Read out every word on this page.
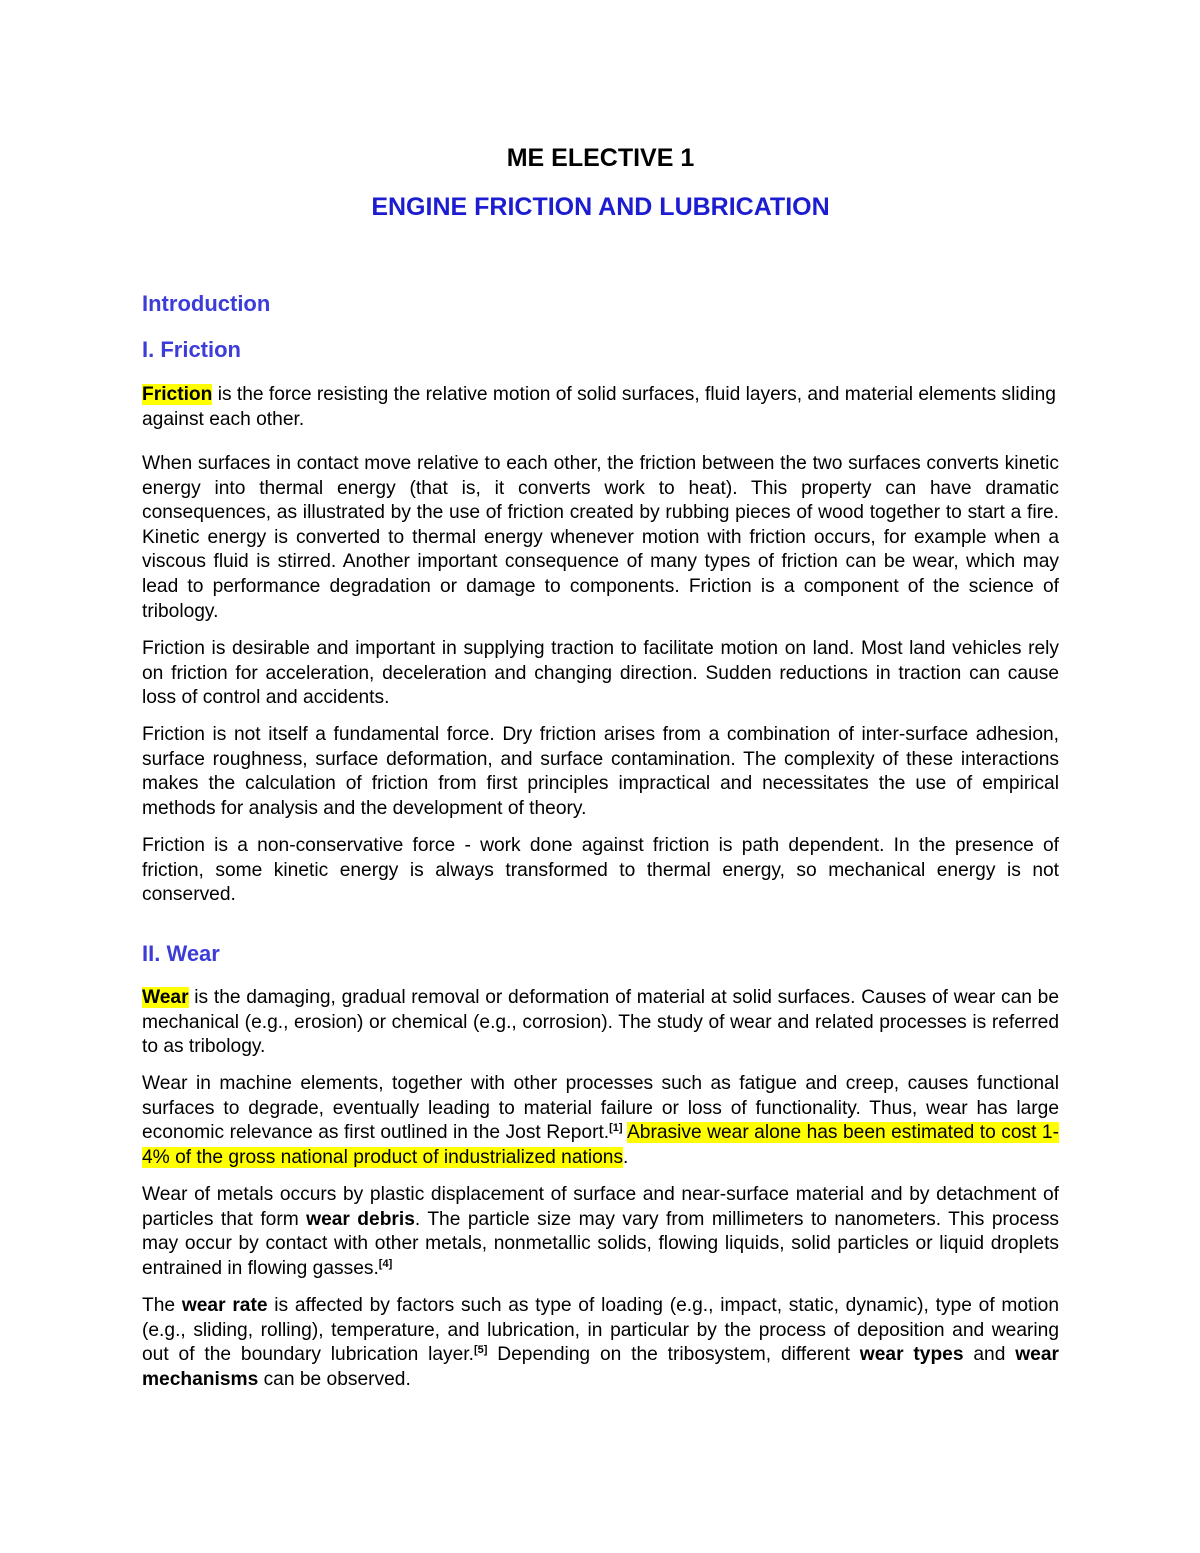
ME ELECTIVE 1
ENGINE FRICTION AND LUBRICATION
Introduction
I. Friction

Friction is the force resisting the relative motion of solid surfaces, fluid layers, and material elements sliding against each other.

When surfaces in contact move relative to each other, the friction between the two surfaces converts kinetic energy into thermal energy (that is, it converts work to heat). This property can have dramatic consequences, as illustrated by the use of friction created by rubbing pieces of wood together to start a fire. Kinetic energy is converted to thermal energy whenever motion with friction occurs, for example when a viscous fluid is stirred. Another important consequence of many types of friction can be wear, which may lead to performance degradation or damage to components. Friction is a component of the science of tribology.

Friction is desirable and important in supplying traction to facilitate motion on land. Most land vehicles rely on friction for acceleration, deceleration and changing direction. Sudden reductions in traction can cause loss of control and accidents.

Friction is not itself a fundamental force. Dry friction arises from a combination of inter-surface adhesion, surface roughness, surface deformation, and surface contamination. The complexity of these interactions makes the calculation of friction from first principles impractical and necessitates the use of empirical methods for analysis and the development of theory.

Friction is a non-conservative force - work done against friction is path dependent. In the presence of friction, some kinetic energy is always transformed to thermal energy, so mechanical energy is not conserved.

II. Wear

Wear is the damaging, gradual removal or deformation of material at solid surfaces. Causes of wear can be mechanical (e.g., erosion) or chemical (e.g., corrosion). The study of wear and related processes is referred to as tribology.

Wear in machine elements, together with other processes such as fatigue and creep, causes functional surfaces to degrade, eventually leading to material failure or loss of functionality. Thus, wear has large economic relevance as first outlined in the Jost Report.[1] Abrasive wear alone has been estimated to cost 1-4% of the gross national product of industrialized nations.

Wear of metals occurs by plastic displacement of surface and near-surface material and by detachment of particles that form wear debris. The particle size may vary from millimeters to nanometers. This process may occur by contact with other metals, nonmetallic solids, flowing liquids, solid particles or liquid droplets entrained in flowing gasses.[4]

The wear rate is affected by factors such as type of loading (e.g., impact, static, dynamic), type of motion (e.g., sliding, rolling), temperature, and lubrication, in particular by the process of deposition and wearing out of the boundary lubrication layer.[5] Depending on the tribosystem, different wear types and wear mechanisms can be observed.
